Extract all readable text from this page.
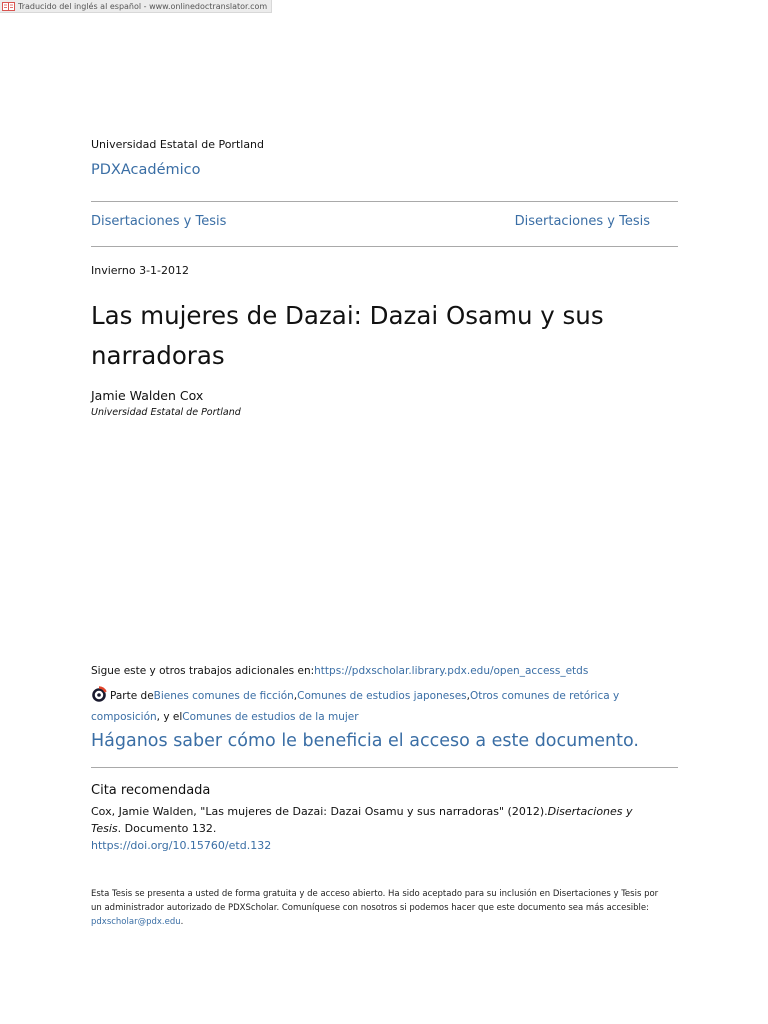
Traducido del inglés al español - www.onlinedoctranslator.com
Universidad Estatal de Portland
PDXAcadémico
Disertaciones y Tesis	Disertaciones y Tesis
Invierno 3-1-2012
Las mujeres de Dazai: Dazai Osamu y sus narradoras
Jamie Walden Cox
Universidad Estatal de Portland
Sigue este y otros trabajos adicionales en:https://pdxscholar.library.pdx.edu/open_access_etds
Parte deBienes comunes de ficción,Comunes de estudios japoneses,Otros comunes de retórica y composición, y elComunes de estudios de la mujer
Háganos saber cómo le beneficia el acceso a este documento.
Cita recomendada
Cox, Jamie Walden, "Las mujeres de Dazai: Dazai Osamu y sus narradoras" (2012).Disertaciones y Tesis. Documento 132.
https://doi.org/10.15760/etd.132
Esta Tesis se presenta a usted de forma gratuita y de acceso abierto. Ha sido aceptado para su inclusión en Disertaciones y Tesis por un administrador autorizado de PDXScholar. Comuníquese con nosotros si podemos hacer que este documento sea más accesible:
pdxscholar@pdx.edu.
